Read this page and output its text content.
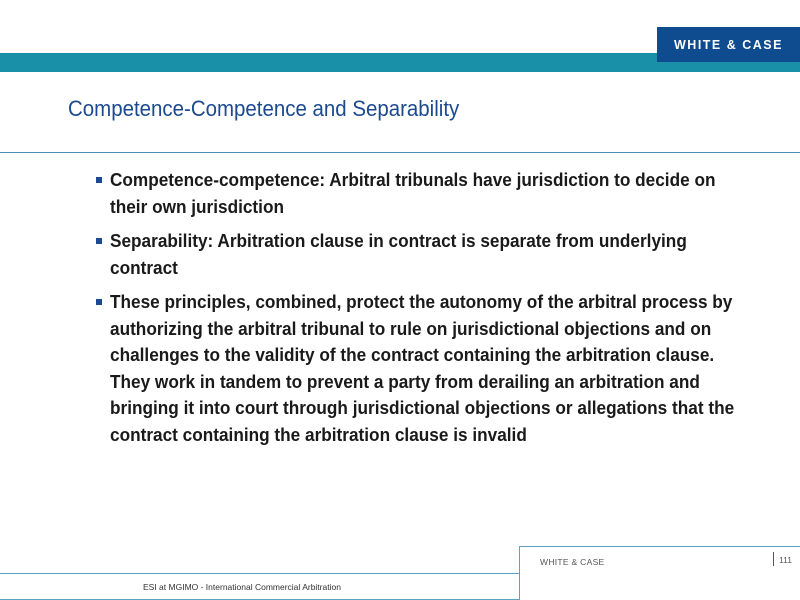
WHITE & CASE
Competence-Competence and Separability
Competence-competence: Arbitral tribunals have jurisdiction to decide on their own jurisdiction
Separability: Arbitration clause in contract is separate from underlying contract
These principles, combined, protect the autonomy of the arbitral process by authorizing the arbitral tribunal to rule on jurisdictional objections and on challenges to the validity of the contract containing the arbitration clause. They work in tandem to prevent a party from derailing an arbitration and bringing it into court through jurisdictional objections or allegations that the contract containing the arbitration clause is invalid
WHITE & CASE	111
ESI at MGIMO - International Commercial Arbitration
